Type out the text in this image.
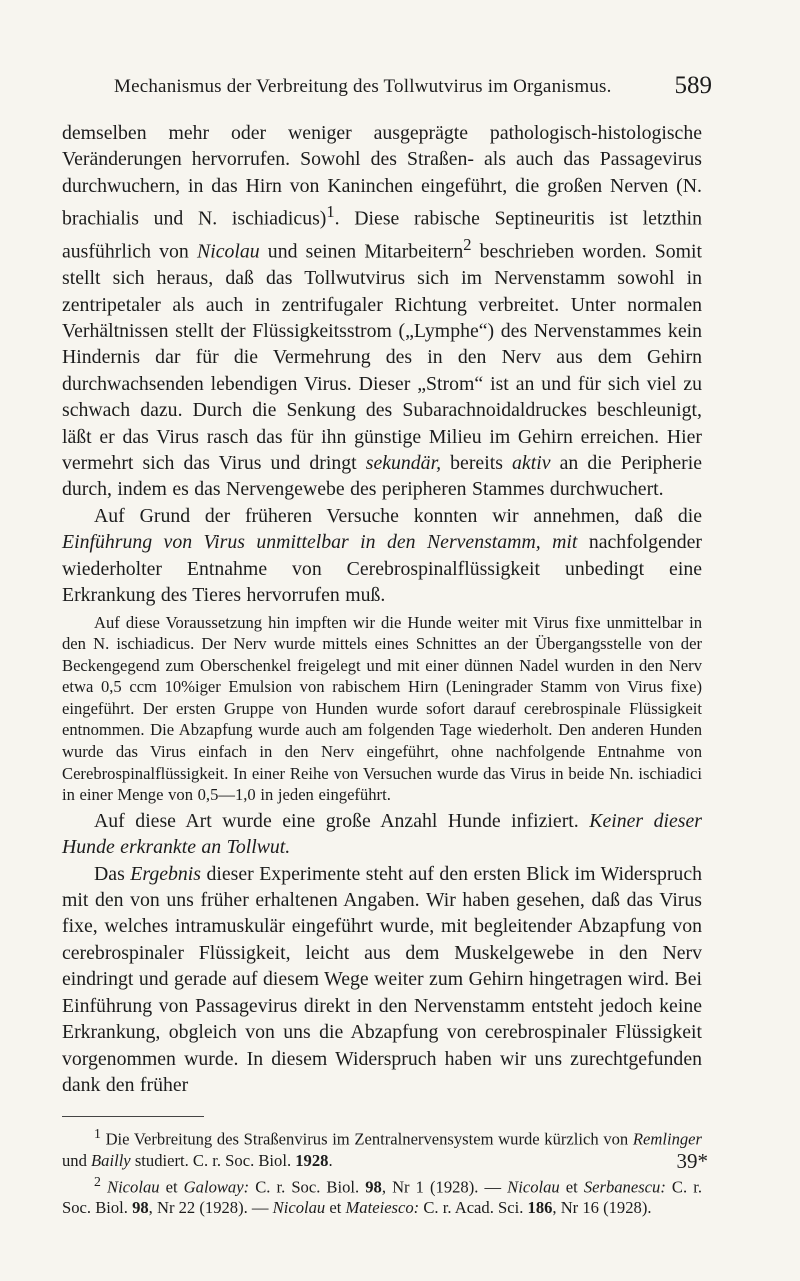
Mechanismus der Verbreitung des Tollwutvirus im Organismus.	589

demselben mehr oder weniger ausgeprägte pathologisch-histologische Veränderungen hervorrufen. Sowohl des Straßen- als auch das Passagevirus durchwuchern, in das Hirn von Kaninchen eingeführt, die großen Nerven (N. brachialis und N. ischiadicus)$^1$. Diese rabische Septineuritis ist letzthin ausführlich von Nicolau und seinen Mitarbeitern$^2$ beschrieben worden. Somit stellt sich heraus, daß das Tollwutvirus sich im Nervenstamm sowohl in zentripetaler als auch in zentrifugaler Richtung verbreitet. Unter normalen Verhältnissen stellt der Flüssigkeitsstrom („Lymphe“) des Nervenstammes kein Hindernis dar für die Vermehrung des in den Nerv aus dem Gehirn durchwachsenden lebendigen Virus. Dieser „Strom“ ist an und für sich viel zu schwach dazu. Durch die Senkung des Subarachnoidaldruckes beschleunigt, läßt er das Virus rasch das für ihn günstige Milieu im Gehirn erreichen. Hier vermehrt sich das Virus und dringt sekundär, bereits aktiv an die Peripherie durch, indem es das Nervengewebe des peripheren Stammes durchwuchert.

Auf Grund der früheren Versuche konnten wir annehmen, daß die Einführung von Virus unmittelbar in den Nervenstamm, mit nachfolgender wiederholter Entnahme von Cerebrospinalflüssigkeit unbedingt eine Erkrankung des Tieres hervorrufen muß.

Auf diese Voraussetzung hin impften wir die Hunde weiter mit Virus fixe unmittelbar in den N. ischiadicus. Der Nerv wurde mittels eines Schnittes an der Übergangsstelle von der Beckengegend zum Oberschenkel freigelegt und mit einer dünnen Nadel wurden in den Nerv etwa 0,5 ccm 10%iger Emulsion von rabischem Hirn (Leningrader Stamm von Virus fixe) eingeführt. Der ersten Gruppe von Hunden wurde sofort darauf cerebrospinale Flüssigkeit entnommen. Die Abzapfung wurde auch am folgenden Tage wiederholt. Den anderen Hunden wurde das Virus einfach in den Nerv eingeführt, ohne nachfolgende Entnahme von Cerebrospinalflüssigkeit. In einer Reihe von Versuchen wurde das Virus in beide Nn. ischiadici in einer Menge von 0,5—1,0 in jeden eingeführt.

Auf diese Art wurde eine große Anzahl Hunde infiziert. Keiner dieser Hunde erkrankte an Tollwut.

Das Ergebnis dieser Experimente steht auf den ersten Blick im Widerspruch mit den von uns früher erhaltenen Angaben. Wir haben gesehen, daß das Virus fixe, welches intramuskulär eingeführt wurde, mit begleitender Abzapfung von cerebrospinaler Flüssigkeit, leicht aus dem Muskelgewebe in den Nerv eindringt und gerade auf diesem Wege weiter zum Gehirn hingetragen wird. Bei Einführung von Passagevirus direkt in den Nervenstamm entsteht jedoch keine Erkrankung, obgleich von uns die Abzapfung von cerebrospinaler Flüssigkeit vorgenommen wurde. In diesem Widerspruch haben wir uns zurechtgefunden dank den früher

$^1$ Die Verbreitung des Straßenvirus im Zentralnervensystem wurde kürzlich von Remlinger und Bailly studiert. C. r. Soc. Biol. 1928.

$^2$ Nicolau et Galoway: C. r. Soc. Biol. 98, Nr 1 (1928). — Nicolau et Serbanescu: C. r. Soc. Biol. 98, Nr 22 (1928). — Nicolau et Mateiesco: C. r. Acad. Sci. 186, Nr 16 (1928).

39*
